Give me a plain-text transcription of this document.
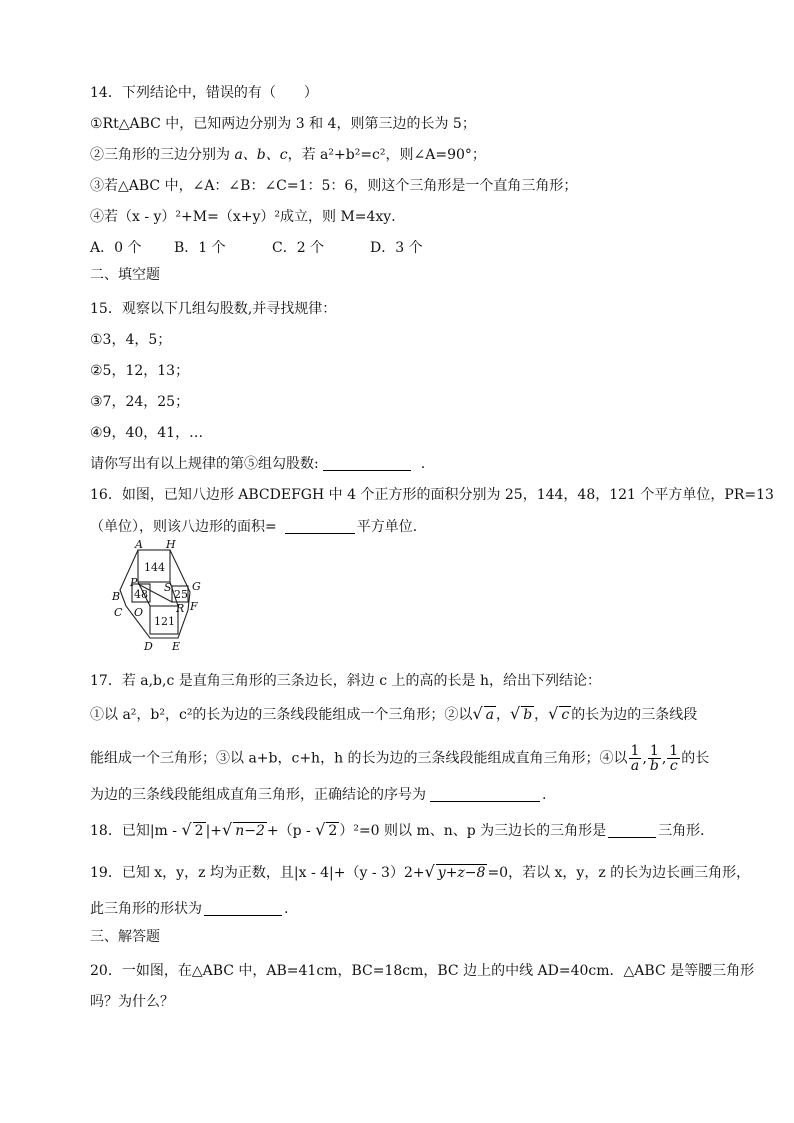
14．下列结论中，错误的有（　　）
①Rt△ABC 中，已知两边分别为 3 和 4，则第三边的长为 5；
②三角形的三边分别为 a、b、c，若 a²+b²=c²，则∠A=90°；
③若△ABC 中，∠A：∠B：∠C=1：5：6，则这个三角形是一个直角三角形；
④若（x - y）²+M=（x+y）²成立，则 M=4xy．
A．0 个 B．1 个	C．2 个	D．3 个
二、填空题
15．观察以下几组勾股数,并寻找规律：
①3，4，5；
②5，12，13；
③7，24，25；
④9，40，41，…
请你写出有以上规律的第⑤组勾股数:	.
16．如图，已知八边形 ABCDEFGH 中 4 个正方形的面积分别为 25，144，48，121 个平方单位，PR=13
（单位），则该八边形的面积=	平方单位．
A H
G
F
E
D
C
B
P S
O	R
144
48 25
121
17．若 a,b,c 是直角三角形的三条边长，斜边 c 上的高的长是 h，给出下列结论：
①以 a²，b²，c²的长为边的三条线段能组成一个三角形；②以√ a ，√ b ，√ c 的长为边的三条线段
能组成一个三角形；③以 a+b，c+h，h 的长为边的三条线段能组成直角三角形；④以 $\frac{1}{a}$ , $\frac{1}{b}$ , $\frac{1}{c}$ 的长
为边的三条线段能组成直角三角形，正确结论的序号为	.
18．已知|m - √ 2 |+√ n−2 +（p - √ 2 ）²=0 则以 m、n、p 为三边长的三角形是	三角形．
19．已知 x，y，z 均为正数，且|x - 4|+（y - 3）2+√ y+z−8 =0，若以 x，y，z 的长为边长画三角形，
此三角形的形状为	.
三、解答题
20．一如图，在△ABC 中，AB=41cm，BC=18cm，BC 边上的中线 AD=40cm．△ABC 是等腰三角形
吗？为什么？
